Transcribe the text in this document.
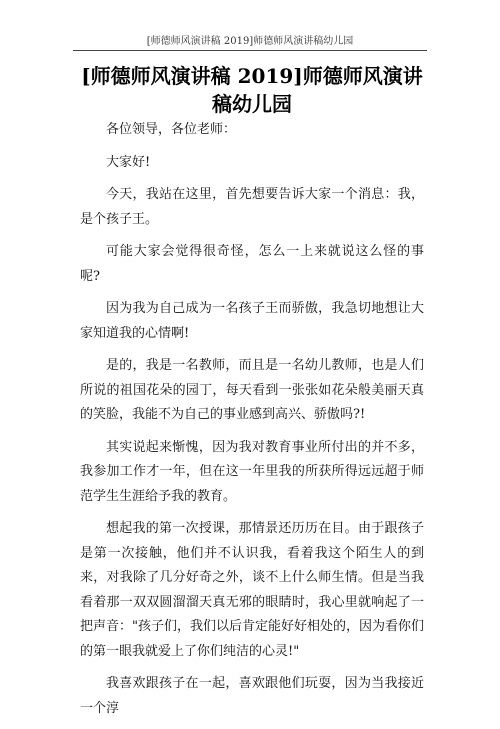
[师德师风演讲稿 2019]师德师风演讲稿幼儿园
[师德师风演讲稿 2019]师德师风演讲稿幼儿园

各位领导，各位老师：

大家好!

今天，我站在这里，首先想要告诉大家一个消息：我，是个孩子王。

可能大家会觉得很奇怪，怎么一上来就说这么怪的事呢?

因为我为自己成为一名孩子王而骄傲，我急切地想让大家知道我的心情啊!

是的，我是一名教师，而且是一名幼儿教师，也是人们所说的祖国花朵的园丁，每天看到一张张如花朵般美丽天真的笑脸，我能不为自己的事业感到高兴、骄傲吗?!

其实说起来惭愧，因为我对教育事业所付出的并不多，我参加工作才一年，但在这一年里我的所获所得远远超于师范学生生涯给予我的教育。

想起我的第一次授课，那情景还历历在目。由于跟孩子是第一次接触，他们并不认识我，看着我这个陌生人的到来，对我除了几分好奇之外，谈不上什么师生情。但是当我看着那一双双圆溜溜天真无邪的眼睛时，我心里就响起了一把声音："孩子们，我们以后肯定能好好相处的，因为看你们的第一眼我就爱上了你们纯洁的心灵!"

我喜欢跟孩子在一起，喜欢跟他们玩耍，因为当我接近一个淳
